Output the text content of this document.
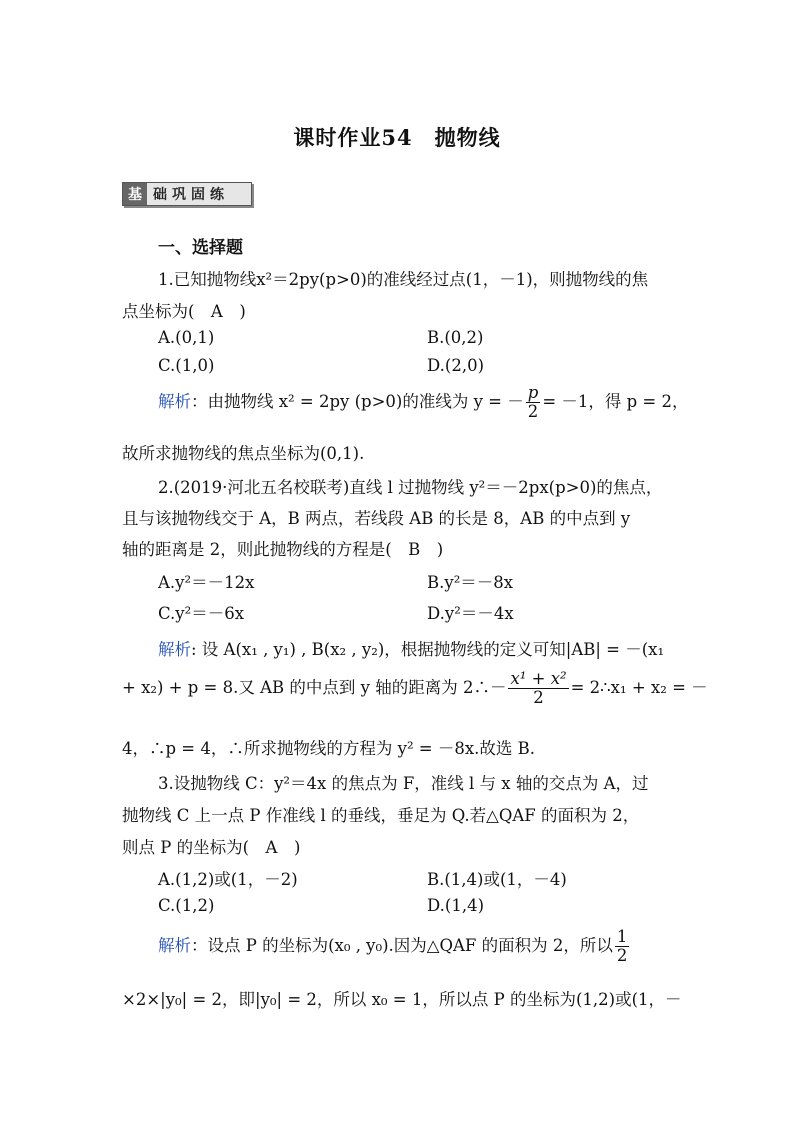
课时作业54　抛物线
基 础巩固练
一、选择题
1.已知抛物线x²＝2py(p>0)的准线经过点(1，－1)，则抛物线的焦
点坐标为(　A　)
A.(0,1)	B.(0,2)
C.(1,0)	D.(2,0)
解析：由抛物线 x² = 2py (p>0)的准线为 y = － $\frac{p}{2} = -1$，得 p = 2，
故所求抛物线的焦点坐标为(0,1).
2.(2019·河北五名校联考)直线 l 过抛物线 y²＝－2px(p>0)的焦点，
且与该抛物线交于 A，B 两点，若线段 AB 的长是 8，AB 的中点到 y
轴的距离是 2，则此抛物线的方程是(　B　)
A.y²＝－12x	B.y²＝－8x
C.y²＝－6x	D.y²＝－4x
解析: 设 A(x₁ , y₁) , B(x₂ , y₂)，根据抛物线的定义可知|AB| = －(x₁
+ x₂) + p = 8.又 AB 的中点到 y 轴的距离为 2∴－ $\frac{\text{x¹ + x²}}{2}$ = 2∴x₁ + x₂ = －
4，∴p = 4，∴所求抛物线的方程为 y² = －8x.故选 B.
3.设抛物线 C：y²＝4x 的焦点为 F，准线 l 与 x 轴的交点为 A，过
抛物线 C 上一点 P 作准线 l 的垂线，垂足为 Q.若△QAF 的面积为 2，
则点 P 的坐标为(　A　)
A.(1,2)或(1，－2)	B.(1,4)或(1，－4)
C.(1,2)	D.(1,4)
解析：设点 P 的坐标为(x₀ , y₀).因为△QAF 的面积为 2，所以 $\frac{1}{2}$
×2×|y₀| = 2，即|y₀| = 2，所以 x₀ = 1，所以点 P 的坐标为(1,2)或(1，－
